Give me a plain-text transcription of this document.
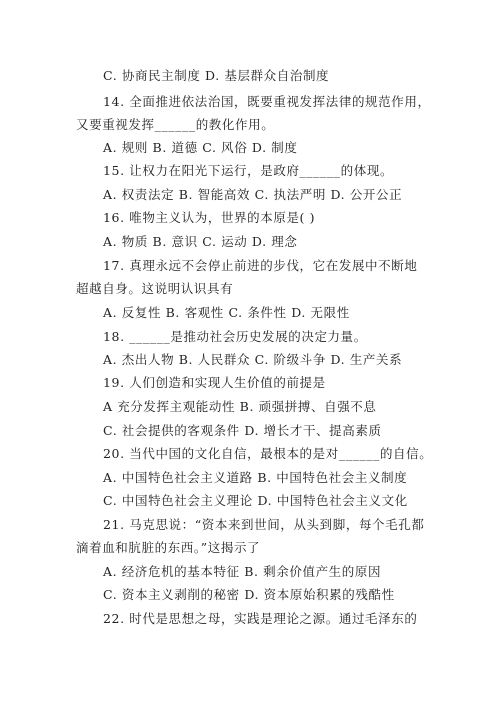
C. 协商民主制度 D. 基层群众自治制度
14. 全面推进依法治国，既要重视发挥法律的规范作用，
又要重视发挥______的教化作用。
A. 规则 B. 道德 C. 风俗 D. 制度
15. 让权力在阳光下运行，是政府______的体现。
A. 权责法定 B. 智能高效 C. 执法严明 D. 公开公正
16. 唯物主义认为，世界的本原是( )
A. 物质 B. 意识 C. 运动 D. 理念
17. 真理永远不会停止前进的步伐，它在发展中不断地
超越自身。这说明认识具有
A. 反复性 B. 客观性 C. 条件性 D. 无限性
18. ______是推动社会历史发展的决定力量。
A. 杰出人物 B. 人民群众 C. 阶级斗争 D. 生产关系
19. 人们创造和实现人生价值的前提是
A 充分发挥主观能动性 B. 顽强拼搏、自强不息
C. 社会提供的客观条件 D. 增长才干、提高素质
20. 当代中国的文化自信，最根本的是对______的自信。
A. 中国特色社会主义道路 B. 中国特色社会主义制度
C. 中国特色社会主义理论 D. 中国特色社会主义文化
21. 马克思说：“资本来到世间，从头到脚，每个毛孔都
滴着血和肮脏的东西。”这揭示了
A. 经济危机的基本特征 B. 剩余价值产生的原因
C. 资本主义剥削的秘密 D. 资本原始积累的残酷性
22. 时代是思想之母，实践是理论之源。通过毛泽东的
